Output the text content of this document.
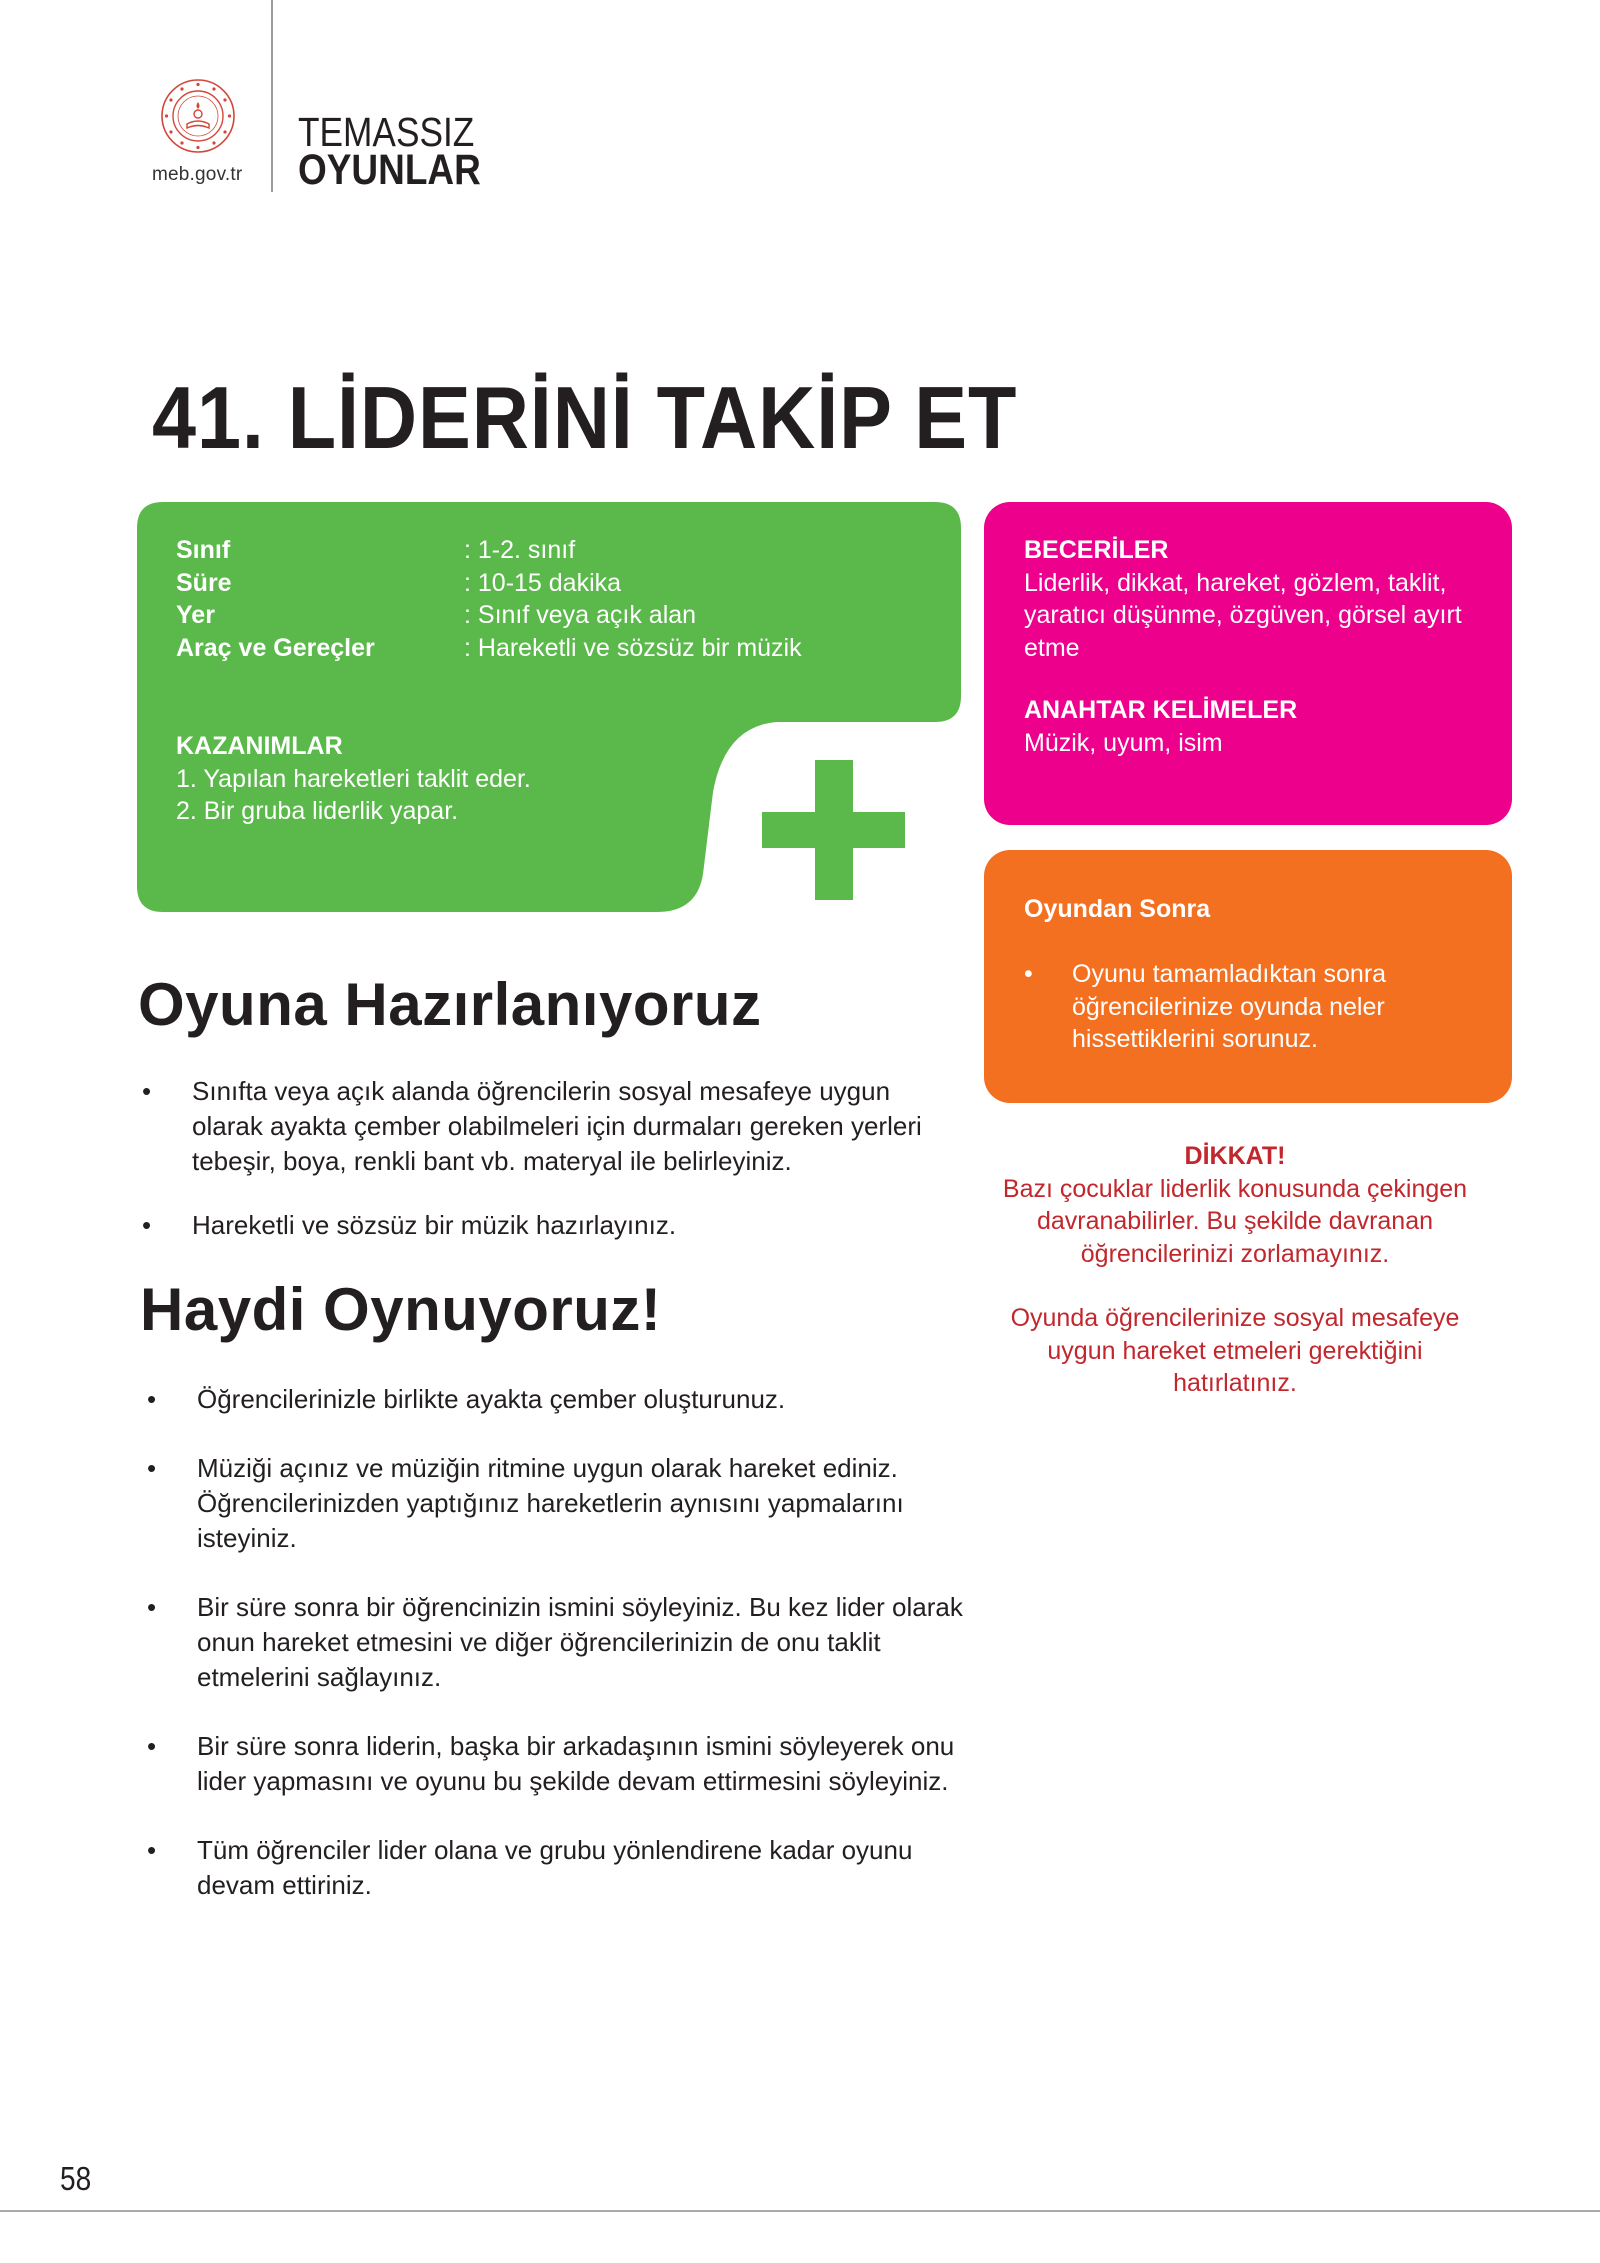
meb.gov.tr
TEMASSIZ
OYUNLAR
41. LİDERİNİ TAKİP ET
Sınıf	: 1-2. sınıf
Süre	: 10-15 dakika
Yer	: Sınıf veya açık alan
Araç ve Gereçler	: Hareketli ve sözsüz bir müzik
KAZANIMLAR
1. Yapılan hareketleri taklit eder.
2. Bir gruba liderlik yapar.
BECERİLER
Liderlik, dikkat, hareket, gözlem, taklit, yaratıcı düşünme, özgüven, görsel ayırt etme
ANAHTAR KELİMELER
Müzik, uyum, isim
Oyundan Sonra
•	Oyunu tamamladıktan sonra öğrencilerinize oyunda neler hissettiklerini sorunuz.
DİKKAT!
Bazı çocuklar liderlik konusunda çekingen davranabilirler. Bu şekilde davranan öğrencilerinizi zorlamayınız.
Oyunda öğrencilerinize sosyal mesafeye uygun hareket etmeleri gerektiğini hatırlatınız.
Oyuna Hazırlanıyoruz
•	Sınıfta veya açık alanda öğrencilerin sosyal mesafeye uygun olarak ayakta çember olabilmeleri için durmaları gereken yerleri tebeşir, boya, renkli bant vb. materyal ile belirleyiniz.
•	Hareketli ve sözsüz bir müzik hazırlayınız.
Haydi Oynuyoruz!
•	Öğrencilerinizle birlikte ayakta çember oluşturunuz.
•	Müziği açınız ve müziğin ritmine uygun olarak hareket ediniz. Öğrencilerinizden yaptığınız hareketlerin aynısını yapmalarını isteyiniz.
•	Bir süre sonra bir öğrencinizin ismini söyleyiniz. Bu kez lider olarak onun hareket etmesini ve diğer öğrencilerinizin de onu taklit etmelerini sağlayınız.
•	Bir süre sonra liderin, başka bir arkadaşının ismini söyleyerek onu lider yapmasını ve oyunu bu şekilde devam ettirmesini söyleyiniz.
•	Tüm öğrenciler lider olana ve grubu yönlendirene kadar oyunu devam ettiriniz.
58
